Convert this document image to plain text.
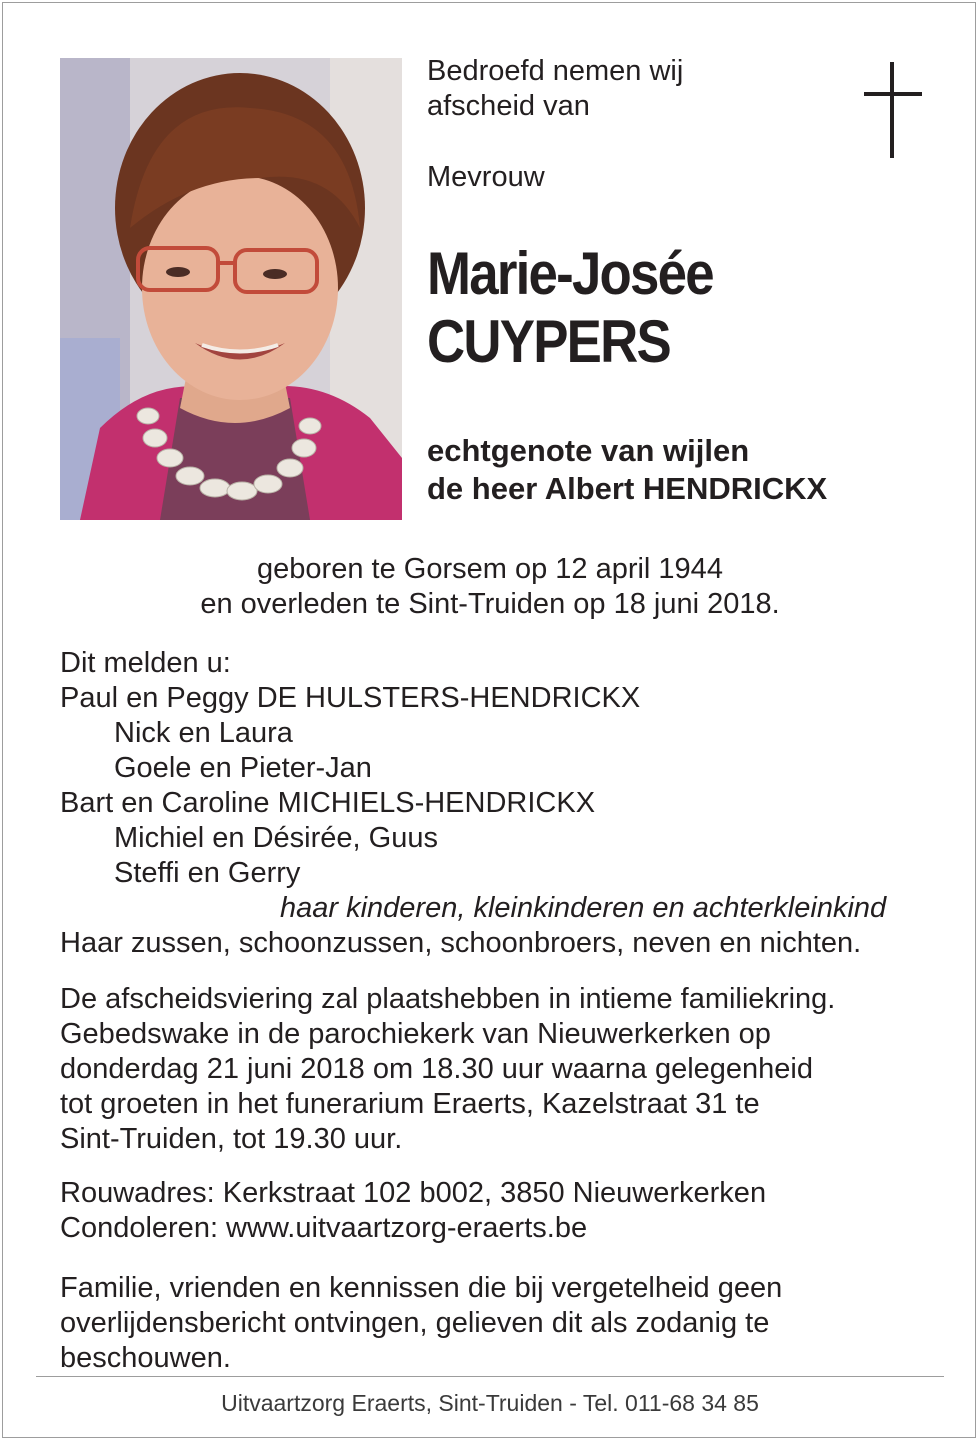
Bedroefd nemen wij
afscheid van
Mevrouw
Marie-Josée
CUYPERS
echtgenote van wijlen
de heer Albert HENDRICKX
geboren te Gorsem op 12 april 1944
en overleden te Sint-Truiden op 18 juni 2018.
Dit melden u:
Paul en Peggy DE HULSTERS-HENDRICKX
Nick en Laura
Goele en Pieter-Jan
Bart en Caroline MICHIELS-HENDRICKX
Michiel en Désirée, Guus
Steffi en Gerry
haar kinderen, kleinkinderen en achterkleinkind
Haar zussen, schoonzussen, schoonbroers, neven en nichten.
De afscheidsviering zal plaatshebben in intieme familiekring.
Gebedswake in de parochiekerk van Nieuwerkerken op
donderdag 21 juni 2018 om 18.30 uur waarna gelegenheid
tot groeten in het funerarium Eraerts, Kazelstraat 31 te
Sint-Truiden, tot 19.30 uur.
Rouwadres: Kerkstraat 102 b002, 3850 Nieuwerkerken
Condoleren: www.uitvaartzorg-eraerts.be
Familie, vrienden en kennissen die bij vergetelheid geen
overlijdensbericht ontvingen, gelieven dit als zodanig te
beschouwen.
Uitvaartzorg Eraerts, Sint-Truiden - Tel. 011-68 34 85
